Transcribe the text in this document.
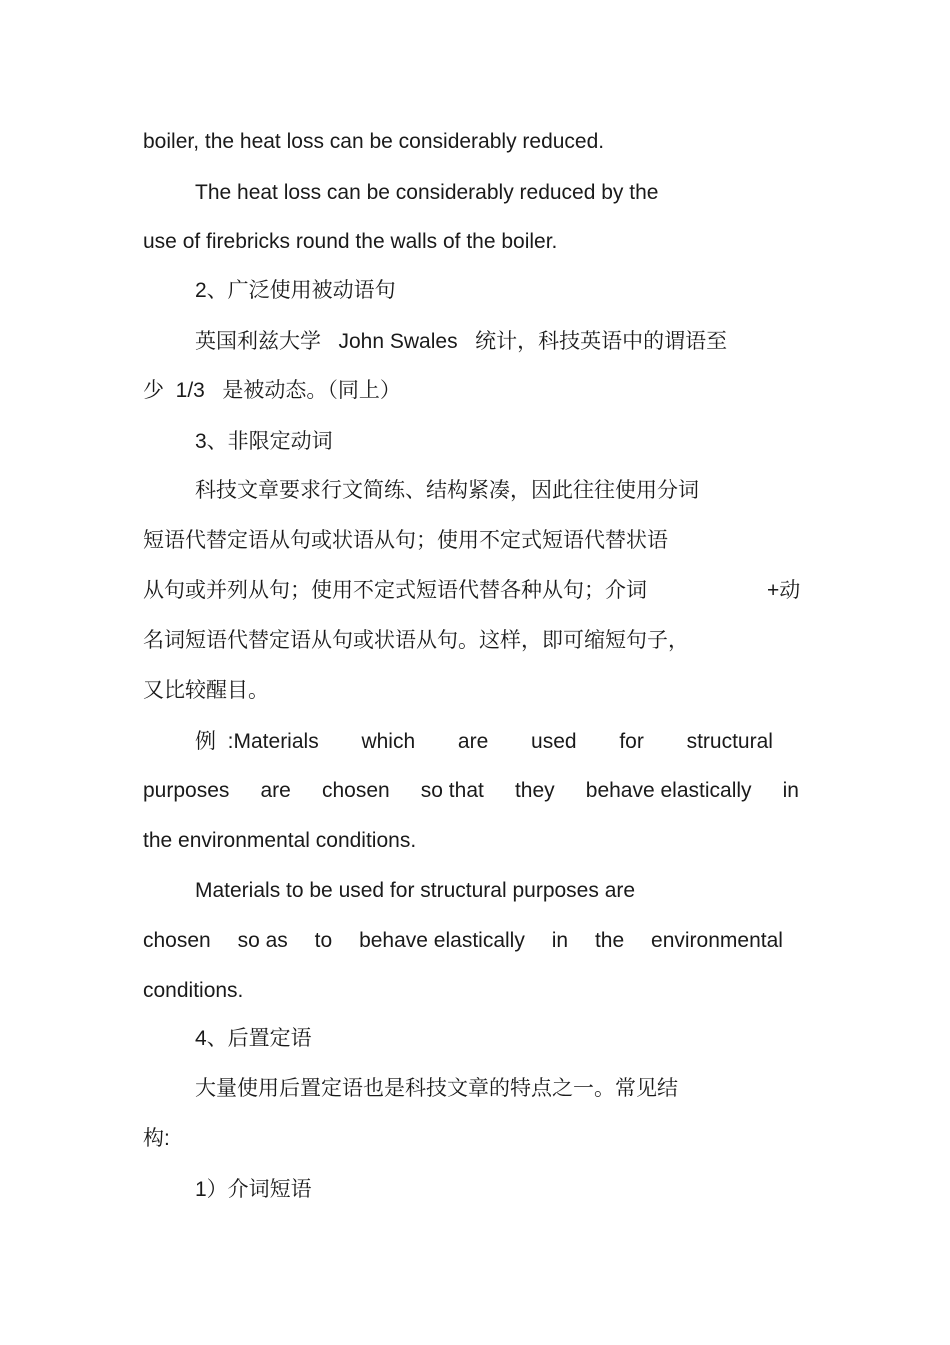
boiler, the heat loss can be considerably reduced.
The heat loss can be considerably reduced by the
use of firebricks round the walls of the boiler.
2、广泛使用被动语句
英国利兹大学   John Swales   统计，科技英语中的谓语至
少  1/3   是被动态。（同上）
3、非限定动词
科技文章要求行文简练、结构紧凑，因此往往使用分词
短语代替定语从句或状语从句；使用不定式短语代替状语
从句或并列从句；使用不定式短语代替各种从句；介词	+动
名词短语代替定语从句或状语从句。这样，即可缩短句子，
又比较醒目。
例  :Materials which are used for structural
purposes are chosen so that they behave elastically in
the environmental conditions.
Materials to be used for structural purposes are
chosen so as to behave elastically in the environmental
conditions.
4、后置定语
大量使用后置定语也是科技文章的特点之一。常见结
构:
1）介词短语
